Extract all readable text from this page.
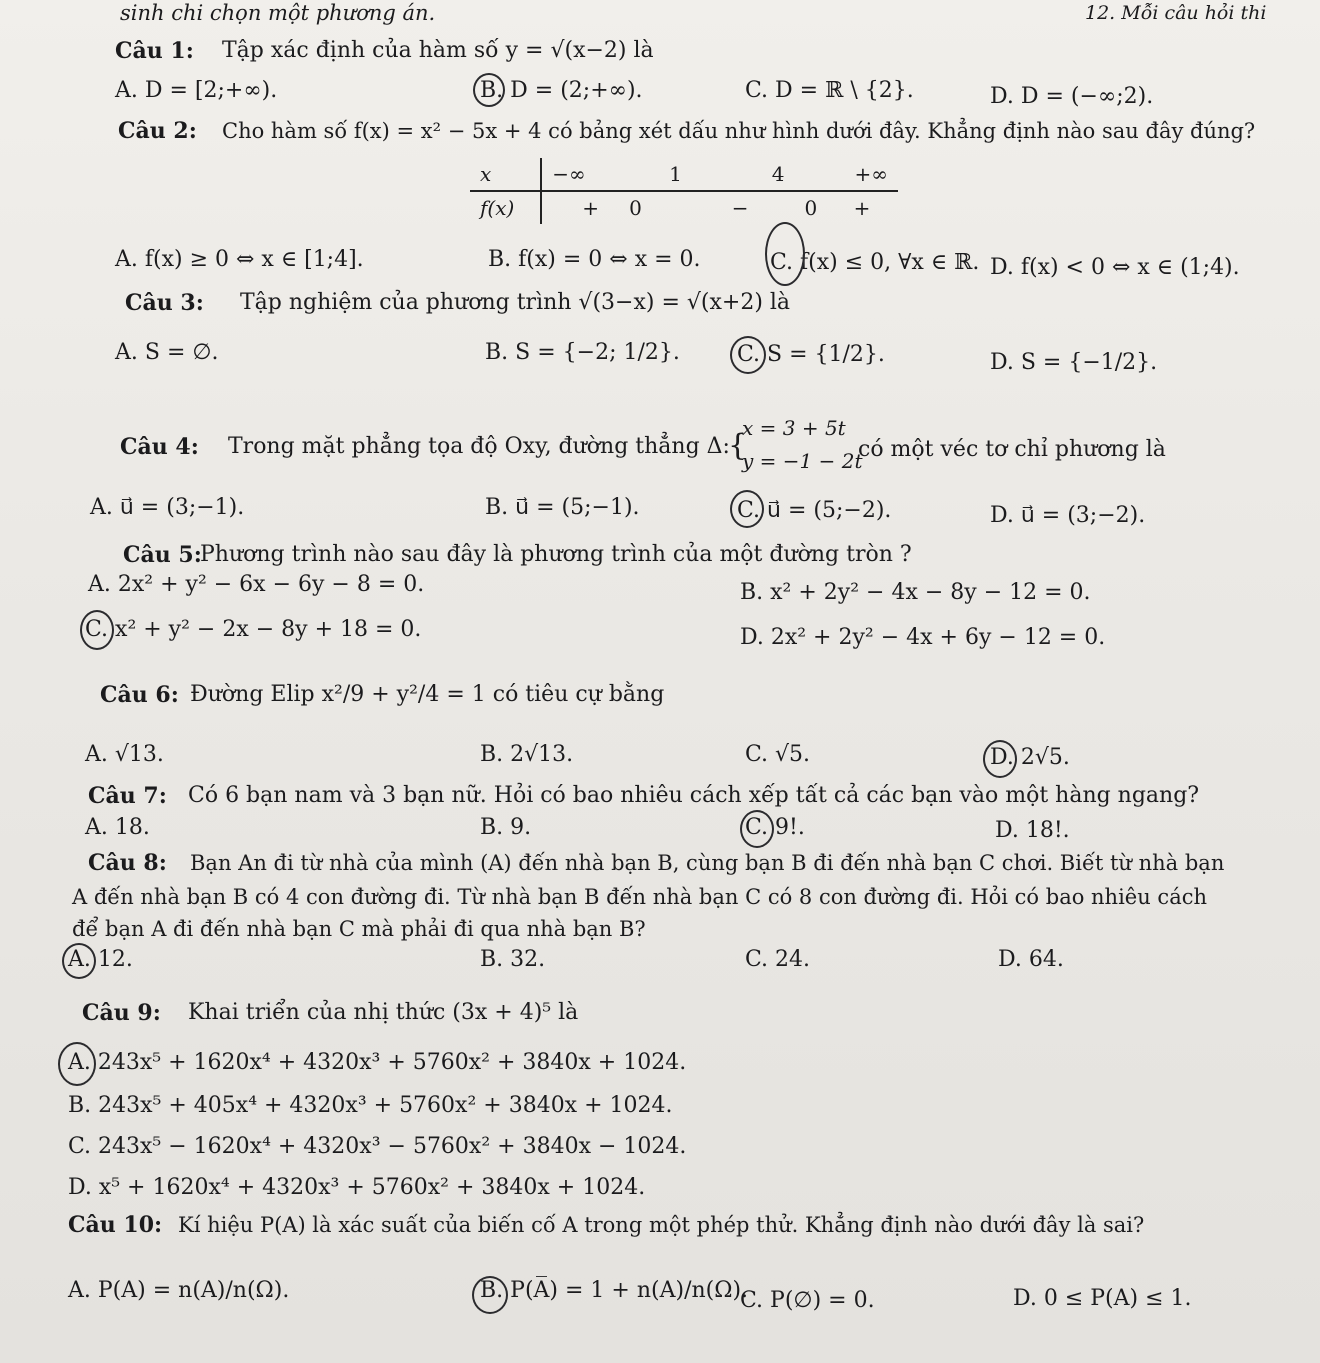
sinh chi chọn một phương án.	12. Mỗi câu hỏi thi
Câu 1: Tập xác định của hàm số y = √(x−2) là
A. D = [2;+∞).	B. D = (2;+∞).	C. D = ℝ \ {2}.	D. D = (−∞;2).
Câu 2: Cho hàm số f(x) = x² − 5x + 4 có bảng xét dấu như hình dưới đây. Khẳng định nào sau đây đúng?
x	−∞	1	4	+∞
f(x)	+	0	−	0 +
A. f(x) ≥ 0 ⇔ x ∈ [1;4].	B. f(x) = 0 ⇔ x = 0.	C. f(x) ≤ 0, ∀x ∈ ℝ. D. f(x) < 0 ⇔ x ∈ (1;4).
Câu 3: Tập nghiệm của phương trình √(3−x) = √(x+2) là
A. S = ∅.	B. S = {−2; 1/2}.	C. S = {1/2}.	D. S = {−1/2}.
Câu 4: Trong mặt phẳng tọa độ Oxy, đường thẳng Δ:
{
x = 3 + 5t
y = −1 − 2t
có một véc tơ chỉ phương là
A. u⃗ = (3;−1).	B. u⃗ = (5;−1).	C. u⃗ = (5;−2).	D. u⃗ = (3;−2).
Câu 5:
Phương trình nào sau đây là phương trình của một đường tròn ?
A. 2x² + y² − 6x − 6y − 8 = 0.	B. x² + 2y² − 4x − 8y − 12 = 0.
C. x² + y² − 2x − 8y + 18 = 0.	D. 2x² + 2y² − 4x + 6y − 12 = 0.
Câu 6: Đường Elip x²/9 + y²/4 = 1 có tiêu cự bằng
A. √13.	B. 2√13.	C. √5.	D. 2√5.
Câu 7: Có 6 bạn nam và 3 bạn nữ. Hỏi có bao nhiêu cách xếp tất cả các bạn vào một hàng ngang?
A. 18.	B. 9.	C. 9!.	D. 18!.
Câu 8: Bạn An đi từ nhà của mình (A) đến nhà bạn B, cùng bạn B đi đến nhà bạn C chơi. Biết từ nhà bạn
A đến nhà bạn B có 4 con đường đi. Từ nhà bạn B đến nhà bạn C có 8 con đường đi. Hỏi có bao nhiêu cách
để bạn A đi đến nhà bạn C mà phải đi qua nhà bạn B?
A. 12.	B. 32.	C. 24.	D. 64.
Câu 9: Khai triển của nhị thức (3x + 4)⁵ là
A. 243x⁵ + 1620x⁴ + 4320x³ + 5760x² + 3840x + 1024.
B. 243x⁵ + 405x⁴ + 4320x³ + 5760x² + 3840x + 1024.
C. 243x⁵ − 1620x⁴ + 4320x³ − 5760x² + 3840x − 1024.
D. x⁵ + 1620x⁴ + 4320x³ + 5760x² + 3840x + 1024.
Câu 10: Kí hiệu P(A) là xác suất của biến cố A trong một phép thử. Khẳng định nào dưới đây là sai?
A. P(A) = n(A)/n(Ω).	B. P(A̅) = 1 + n(A)/n(Ω).
C. P(∅) = 0.	D. 0 ≤ P(A) ≤ 1.
